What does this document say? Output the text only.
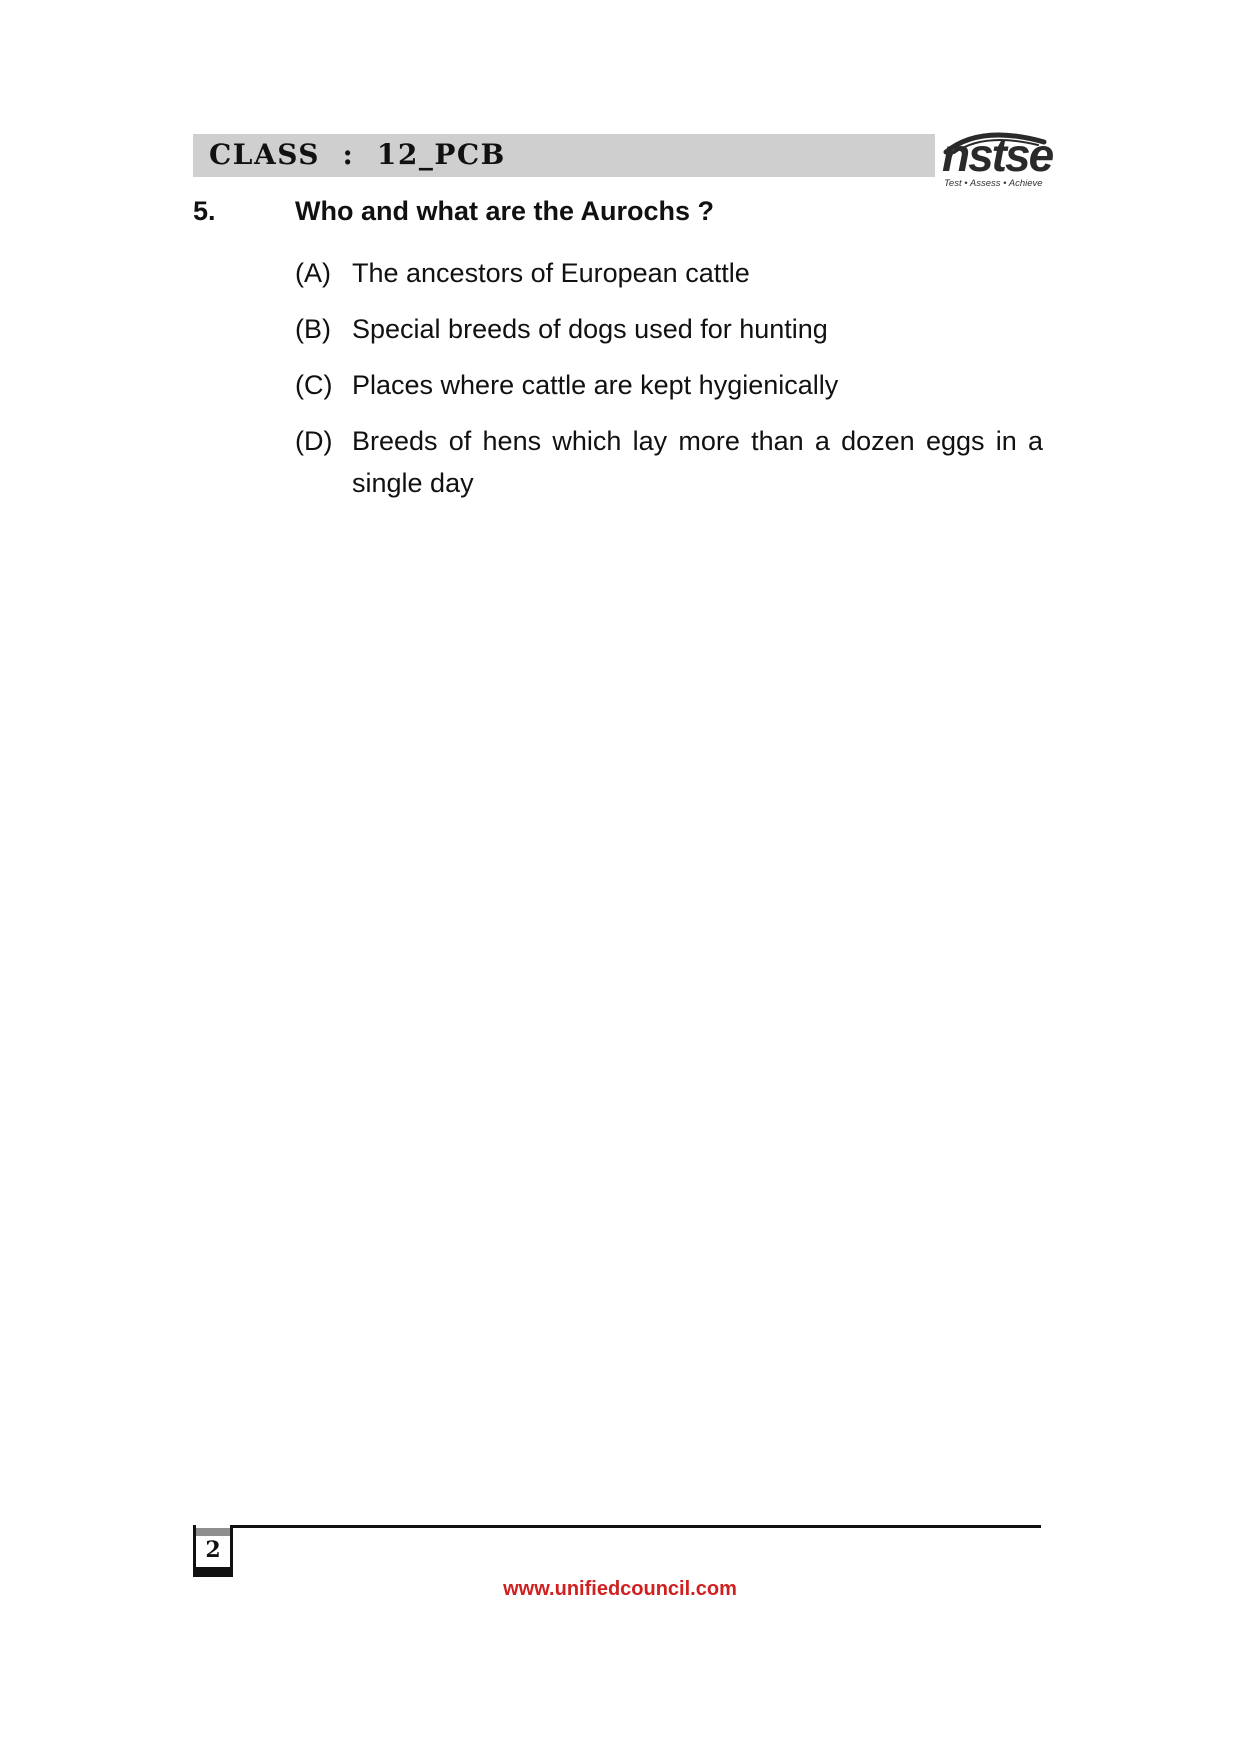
CLASS  :  12_PCB	nstse
Test • Assess • Achieve
5.	Who and what are the Aurochs ?
(A) The ancestors of European cattle
(B) Special breeds of dogs used for hunting
(C) Places where cattle are kept hygienically
(D) Breeds of hens which lay more than a dozen eggs in a single day
2
www.unifiedcouncil.com
